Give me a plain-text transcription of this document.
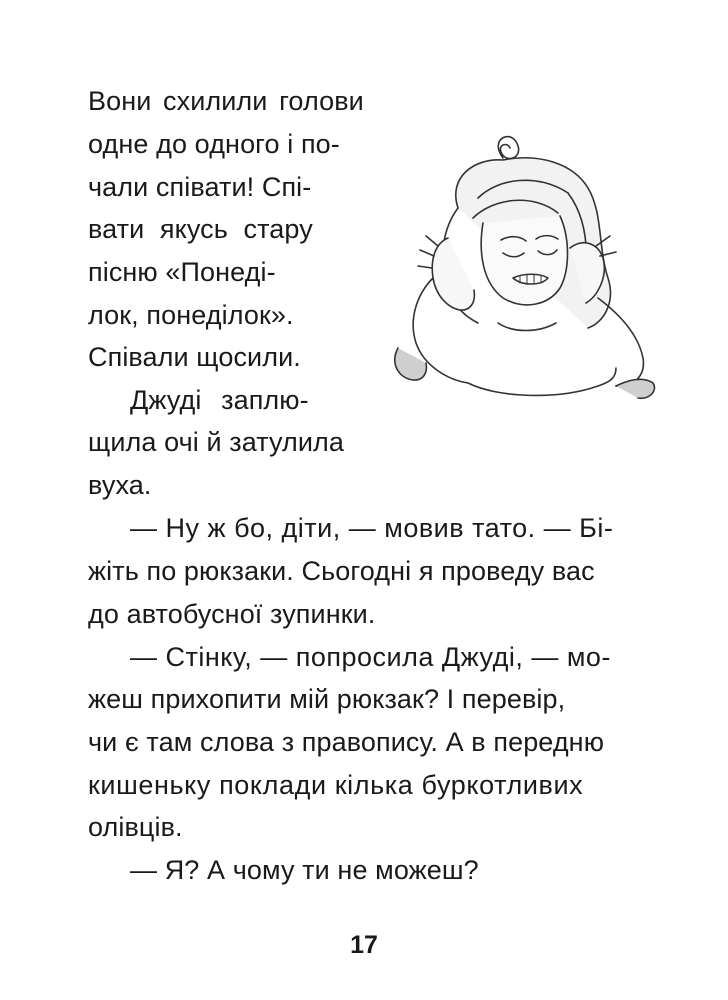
Вони схилили голови
одне до одного і по-
чали співати! Спі-
вати якусь стару
пісню «Понеді-
лок, понеділок».
Співали щосили.
Джуді заплю-
щила очі й затулила
вуха.
— Ну ж бо, діти, — мовив тато. — Бі-
жіть по рюкзаки. Сьогодні я проведу вас
до автобусної зупинки.
— Стінку, — попросила Джуді, — мо-
жеш прихопити мій рюкзак? І перевір,
чи є там слова з правопису. А в передню
кишеньку поклади кілька буркотливих
олівців.
— Я? А чому ти не можеш?
17
